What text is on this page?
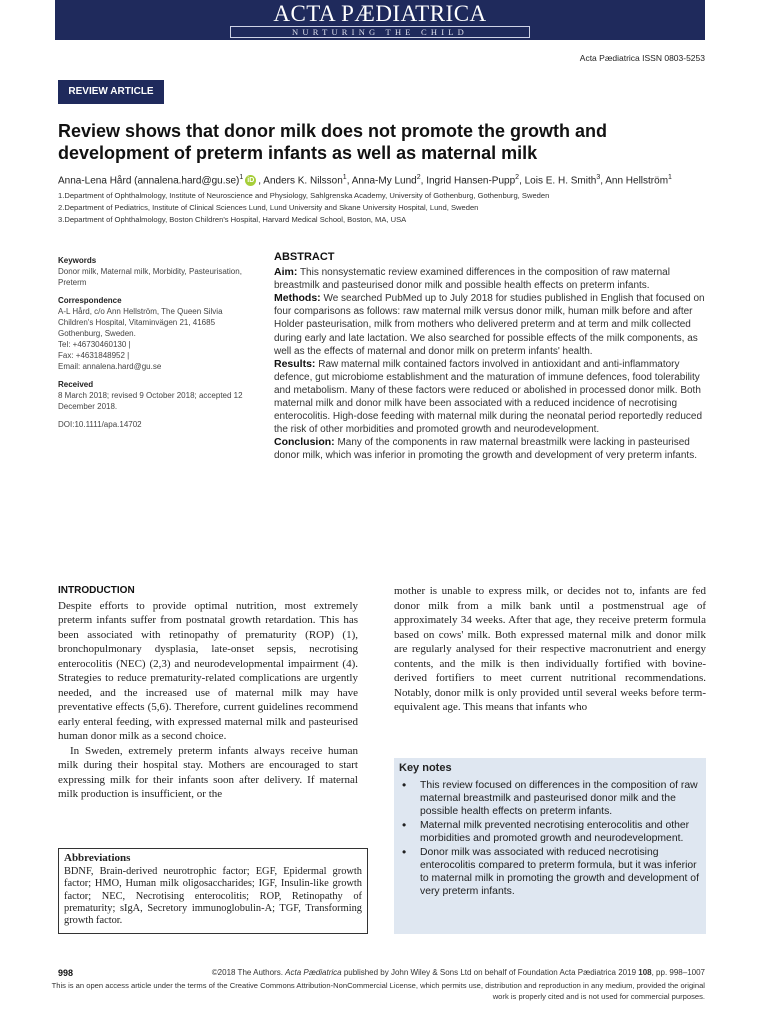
ACTA PÆDIATRICA
NURTURING THE CHILD
Acta Pædiatrica ISSN 0803-5253
REVIEW ARTICLE
Review shows that donor milk does not promote the growth and development of preterm infants as well as maternal milk
Anna-Lena Hård (annalena.hard@gu.se)$^1$ iD , Anders K. Nilsson$^1$, Anna-My Lund$^2$, Ingrid Hansen-Pupp$^2$, Lois E. H. Smith$^3$, Ann Hellström$^1$
1.Department of Ophthalmology, Institute of Neuroscience and Physiology, Sahlgrenska Academy, University of Gothenburg, Gothenburg, Sweden
2.Department of Pediatrics, Institute of Clinical Sciences Lund, Lund University and Skane University Hospital, Lund, Sweden
3.Department of Ophthalmology, Boston Children's Hospital, Harvard Medical School, Boston, MA, USA
Keywords
Donor milk, Maternal milk, Morbidity, Pasteurisation, Preterm
Correspondence
A-L Hård, c/o Ann Hellström, The Queen Silvia Children's Hospital, Vitaminvägen 21, 41685 Gothenburg, Sweden.
Tel: +46730460130 |
Fax: +4631848952 |
Email: annalena.hard@gu.se
Received
8 March 2018; revised 9 October 2018; accepted 12 December 2018.
DOI:10.1111/apa.14702
ABSTRACT

Aim: This nonsystematic review examined differences in the composition of raw maternal breastmilk and pasteurised donor milk and possible health effects on preterm infants.

Methods: We searched PubMed up to July 2018 for studies published in English that focused on four comparisons as follows: raw maternal milk versus donor milk, human milk before and after Holder pasteurisation, milk from mothers who delivered preterm and at term and milk collected during early and late lactation. We also searched for possible effects of the milk components, as well as the effects of maternal and donor milk on preterm infants' health.

Results: Raw maternal milk contained factors involved in antioxidant and anti-inflammatory defence, gut microbiome establishment and the maturation of immune defences, food tolerability and metabolism. Many of these factors were reduced or abolished in processed donor milk. Both maternal milk and donor milk have been associated with a reduced incidence of necrotising enterocolitis. High-dose feeding with maternal milk during the neonatal period reportedly reduced the risk of other morbidities and promoted growth and neurodevelopment.

Conclusion: Many of the components in raw maternal breastmilk were lacking in pasteurised donor milk, which was inferior in promoting the growth and development of very preterm infants.

INTRODUCTION

Despite efforts to provide optimal nutrition, most extremely preterm infants suffer from postnatal growth retardation. This has been associated with retinopathy of prematurity (ROP) (1), bronchopulmonary dysplasia, late-onset sepsis, necrotising enterocolitis (NEC) (2,3) and neurodevelopmental impairment (4). Strategies to reduce prematurity-related complications are urgently needed, and the increased use of maternal milk may have preventative effects (5,6). Therefore, current guidelines recommend early enteral feeding, with expressed maternal milk and pasteurised human donor milk as a second choice.

In Sweden, extremely preterm infants always receive human milk during their hospital stay. Mothers are encouraged to start expressing milk for their infants soon after delivery. If maternal milk production is insufficient, or the

mother is unable to express milk, or decides not to, infants are fed donor milk from a milk bank until a postmenstrual age of approximately 34 weeks. After that age, they receive preterm formula based on cows' milk. Both expressed maternal milk and donor milk are regularly analysed for their respective macronutrient and energy contents, and the milk is then individually fortified with bovine-derived fortifiers to meet current nutritional recommendations. Notably, donor milk is only provided until several weeks before term-equivalent age. This means that infants who

Abbreviations
BDNF, Brain-derived neurotrophic factor; EGF, Epidermal growth factor; HMO, Human milk oligosaccharides; IGF, Insulin-like growth factor; NEC, Necrotising enterocolitis; ROP, Retinopathy of prematurity; sIgA, Secretory immunoglobulin-A; TGF, Transforming growth factor.
Key notes
• This review focused on differences in the composition of raw maternal breastmilk and pasteurised donor milk and the possible health effects on preterm infants.
• Maternal milk prevented necrotising enterocolitis and other morbidities and promoted growth and neurodevelopment.
• Donor milk was associated with reduced necrotising enterocolitis compared to preterm formula, but it was inferior to maternal milk in promoting the growth and development of very preterm infants.
998	©2018 The Authors. Acta Pædiatrica published by John Wiley & Sons Ltd on behalf of Foundation Acta Pædiatrica 2019 108, pp. 998–1007
This is an open access article under the terms of the Creative Commons Attribution-NonCommercial License, which permits use, distribution and reproduction in any medium, provided the original work is properly cited and is not used for commercial purposes.
